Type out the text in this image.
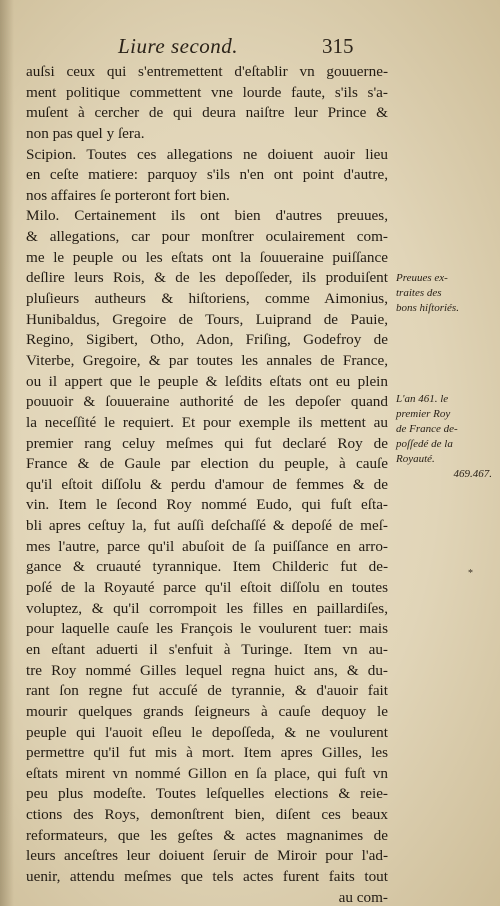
Liure second.	315
auſsi ceux qui s'entremettent d'eſtablir vn gouuerne-
ment politique commettent vne lourde faute, s'ils s'a-
muſent à cercher de qui deura naiſtre leur Prince &
non pas quel y ſera.
Scipion. Toutes ces allegations ne doiuent auoir lieu
en ceſte matiere: parquoy s'ils n'en ont point d'autre,
nos affaires ſe porteront fort bien.
Milo. Certainement ils ont bien d'autres preuues,
& allegations, car pour monſtrer oculairement com-
me le peuple ou les eſtats ont la ſouueraine puiſſance
deſlire leurs Rois, & de les depoſſeder, ils produiſent
pluſieurs autheurs & hiſtoriens, comme Aimonius,
Hunibaldus, Gregoire de Tours, Luiprand de Pauie,
Regino, Sigibert, Otho, Adon, Friſing, Godefroy de
Viterbe, Gregoire, & par toutes les annales de France,
ou il appert que le peuple & leſdits eſtats ont eu plein
pouuoir & ſouueraine authorité de les depoſer quand
la neceſſité le requiert. Et pour exemple ils mettent au
premier rang celuy meſmes qui fut declaré Roy de
France & de Gaule par election du peuple, à cauſe
qu'il eſtoit diſſolu & perdu d'amour de femmes & de
vin. Item le ſecond Roy nommé Eudo, qui fuſt eſta-
bli apres ceſtuy la, fut auſſi deſchaſſé & depoſé de meſ-
mes l'autre, parce qu'il abuſoit de ſa puiſſance en arro-
gance & cruauté tyrannique. Item Childeric fut de-
poſé de la Royauté parce qu'il eſtoit diſſolu en toutes
voluptez, & qu'il corrompoit les filles en paillardiſes,
pour laquelle cauſe les François le voulurent tuer: mais
en eſtant aduerti il s'enfuit à Turinge. Item vn au-
tre Roy nommé Gilles lequel regna huict ans, & du-
rant ſon regne fut accuſé de tyrannie, & d'auoir fait
mourir quelques grands ſeigneurs à cauſe dequoy le
peuple qui l'auoit eſleu le depoſſeda, & ne voulurent
permettre qu'il fut mis à mort. Item apres Gilles, les
eſtats mirent vn nommé Gillon en ſa place, qui fuſt vn
peu plus modeſte. Toutes leſquelles elections & reie-
ctions des Roys, demonſtrent bien, diſent ces beaux
reformateurs, que les geſtes & actes magnanimes de
leurs anceſtres leur doiuent ſeruir de Miroir pour l'ad-
uenir, attendu meſmes que tels actes furent faits tout
au com-
Preuues ex-
traites des
bons hiſtoriés.
L'an 461. le
premier Roy
de France de-
poſſedé de la
Royauté.
469.467.
*
